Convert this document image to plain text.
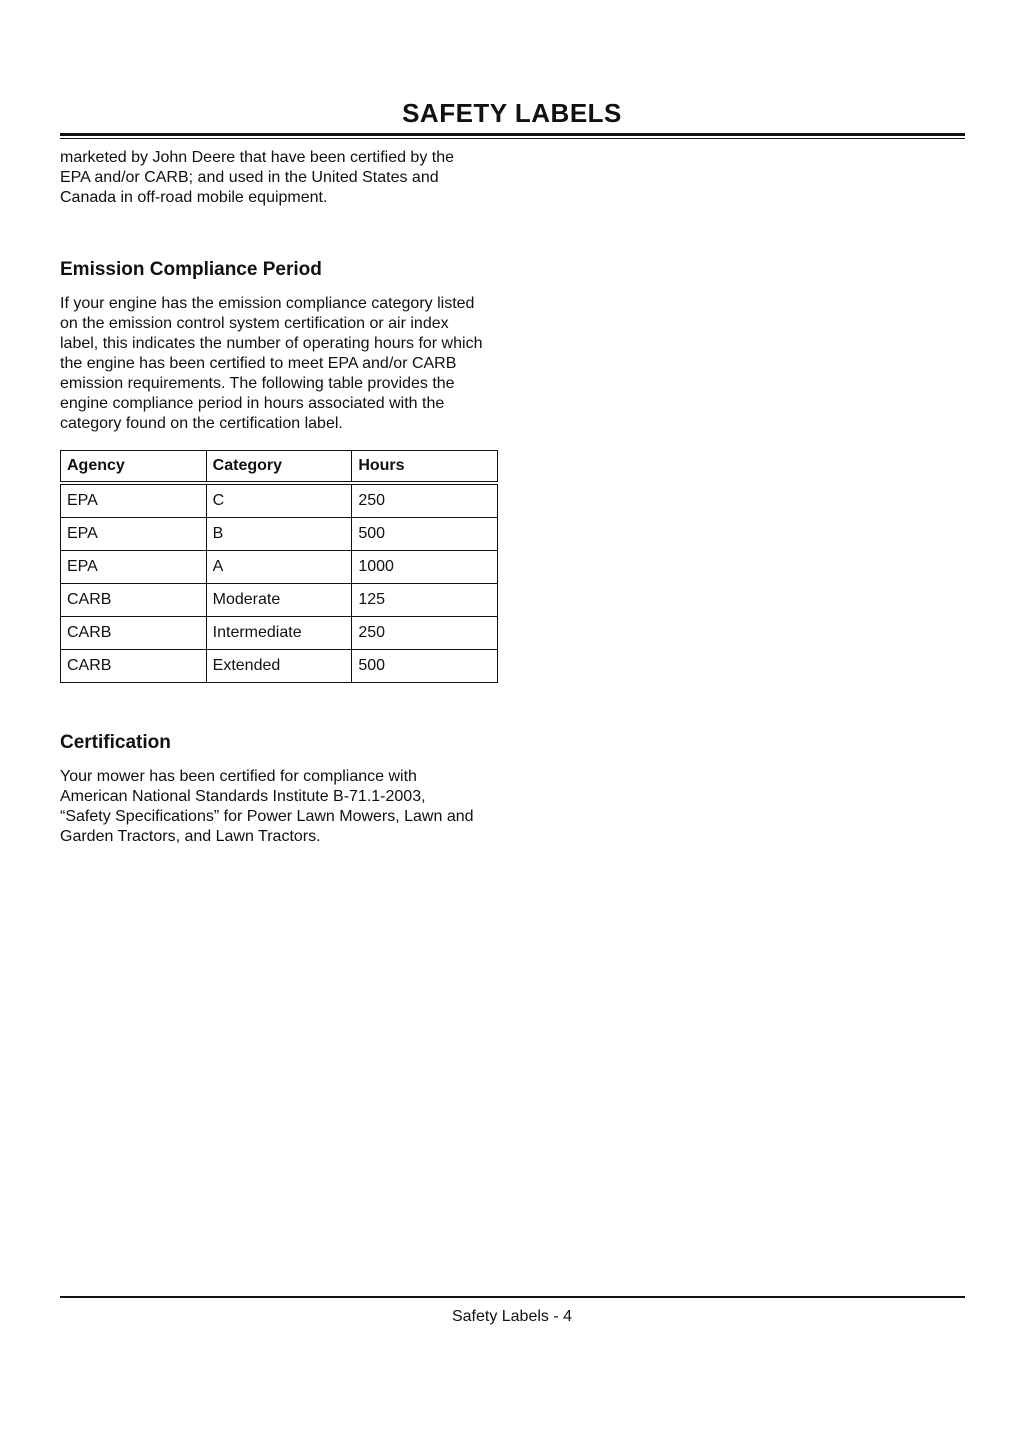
SAFETY LABELS

marketed by John Deere that have been certified by the
EPA and/or CARB; and used in the United States and
Canada in off-road mobile equipment.

Emission Compliance Period

If your engine has the emission compliance category listed
on the emission control system certification or air index
label, this indicates the number of operating hours for which
the engine has been certified to meet EPA and/or CARB
emission requirements. The following table provides the
engine compliance period in hours associated with the
category found on the certification label.

Agency	Category	Hours
EPA	C	250
EPA	B	500
EPA	A	1000
CARB	Moderate	125
CARB	Intermediate	250
CARB	Extended	500
Certification

Your mower has been certified for compliance with
American National Standards Institute B-71.1-2003,
“Safety Specifications” for Power Lawn Mowers, Lawn and
Garden Tractors, and Lawn Tractors.

Safety Labels - 4
